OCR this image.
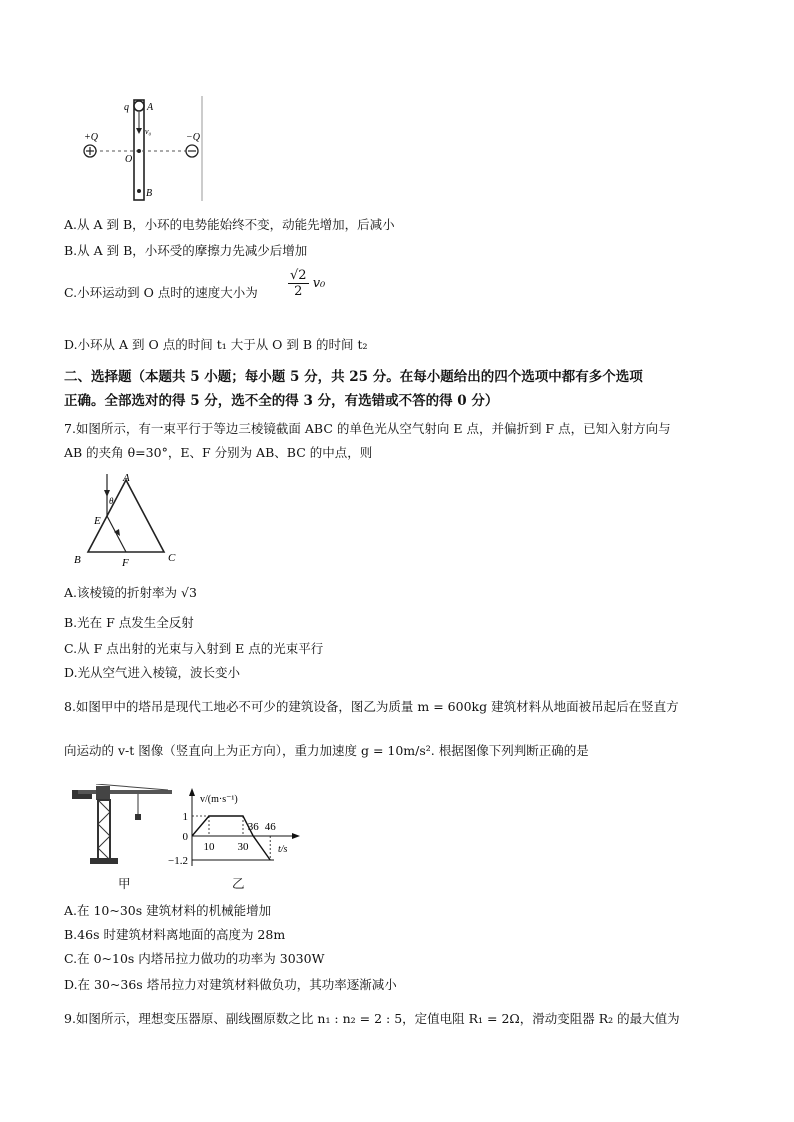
q A
v₀
+Q	−Q
O
B
A.从 A 到 B，小环的电势能始终不变，动能先增加，后减小
B.从 A 到 B，小环受的摩擦力先减少后增加
C.小环运动到 O 点时的速度大小为 $\frac{√2}{2} v_0$
D.小环从 A 到 O 点的时间 t₁ 大于从 O 到 B 的时间 t₂
二、选择题（本题共 5 小题；每小题 5 分，共 25 分。在每小题给出的四个选项中都有多个选项
正确。全部选对的得 5 分，选不全的得 3 分，有选错或不答的得 0 分）
7.如图所示，有一束平行于等边三棱镜截面 ABC 的单色光从空气射向 E 点，并偏折到 F 点，已知入射方向与
AB 的夹角 θ=30°，E、F 分别为 AB、BC 的中点，则
A
B	C
E
F
θ
A.该棱镜的折射率为 √3
B.光在 F 点发生全反射
C.从 F 点出射的光束与入射到 E 点的光束平行
D.光从空气进入棱镜，波长变小
8.如图甲中的塔吊是现代工地必不可少的建筑设备，图乙为质量 m = 600kg 建筑材料从地面被吊起后在竖直方
向运动的 v-t 图像（竖直向上为正方向），重力加速度 g = 10m/s². 根据图像下列判断正确的是
v/(m·s⁻¹)
t/s
10 30
36 46
1
0
−1.2
甲	乙
A.在 10~30s 建筑材料的机械能增加
B.46s 时建筑材料离地面的高度为 28m
C.在 0~10s 内塔吊拉力做功的功率为 3030W
D.在 30~36s 塔吊拉力对建筑材料做负功，其功率逐渐减小
9.如图所示，理想变压器原、副线圈原数之比 n₁ : n₂ = 2 : 5，定值电阻 R₁ = 2Ω，滑动变阻器 R₂ 的最大值为
